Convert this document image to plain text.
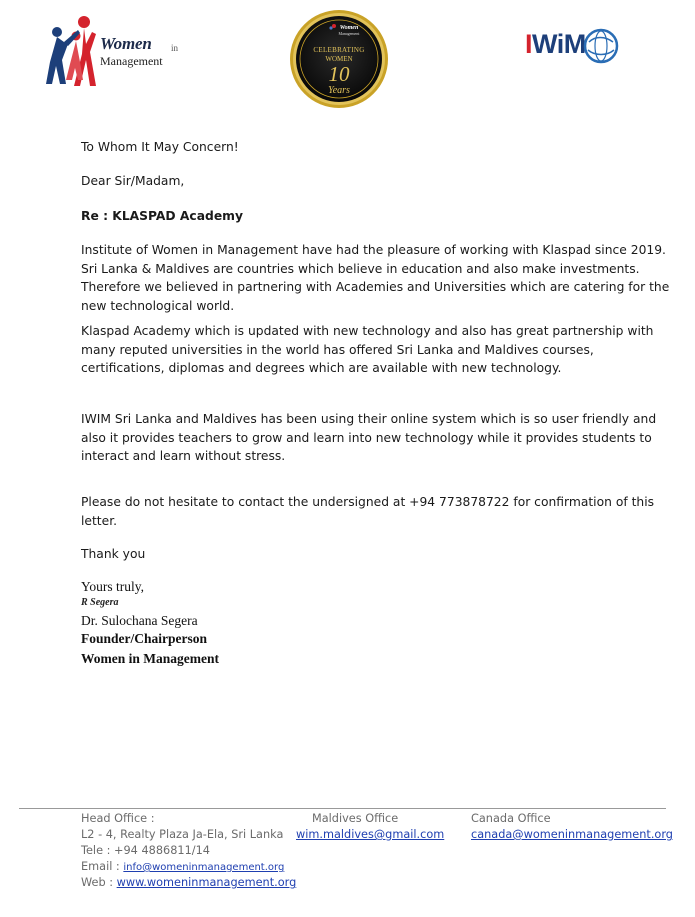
Women in
Management
Women
Management
CELEBRATING
WOMEN
10
Years
IWiM

To Whom It May Concern!

Dear Sir/Madam,

Re : KLASPAD Academy

Institute of Women in Management have had the pleasure of working with Klaspad since 2019. Sri Lanka & Maldives are countries which believe in education and also make investments. Therefore we believed in partnering with Academies and Universities which are catering for the new technological world.

Klaspad Academy which is updated with new technology and also has great partnership with many reputed universities in the world has offered Sri Lanka and Maldives courses, certifications, diplomas and degrees which are available with new technology.

IWIM Sri Lanka and Maldives has been using their online system which is so user friendly and also it provides teachers to grow and learn into new technology while it provides students to interact and learn without stress.

Please do not hesitate to contact the undersigned at +94 773878722 for confirmation of this letter.

Thank you

Yours truly,

R Segera

Dr. Sulochana Segera

Founder/Chairperson

Women in Management

Head Office :

L2 - 4, Realty Plaza Ja-Ela, Sri Lanka

Tele : +94 4886811/14

Email : info@womeninmanagement.org

Web : www.womeninmanagement.org

Maldives Office

wim.maldives@gmail.com

Canada Office

canada@womeninmanagement.org
